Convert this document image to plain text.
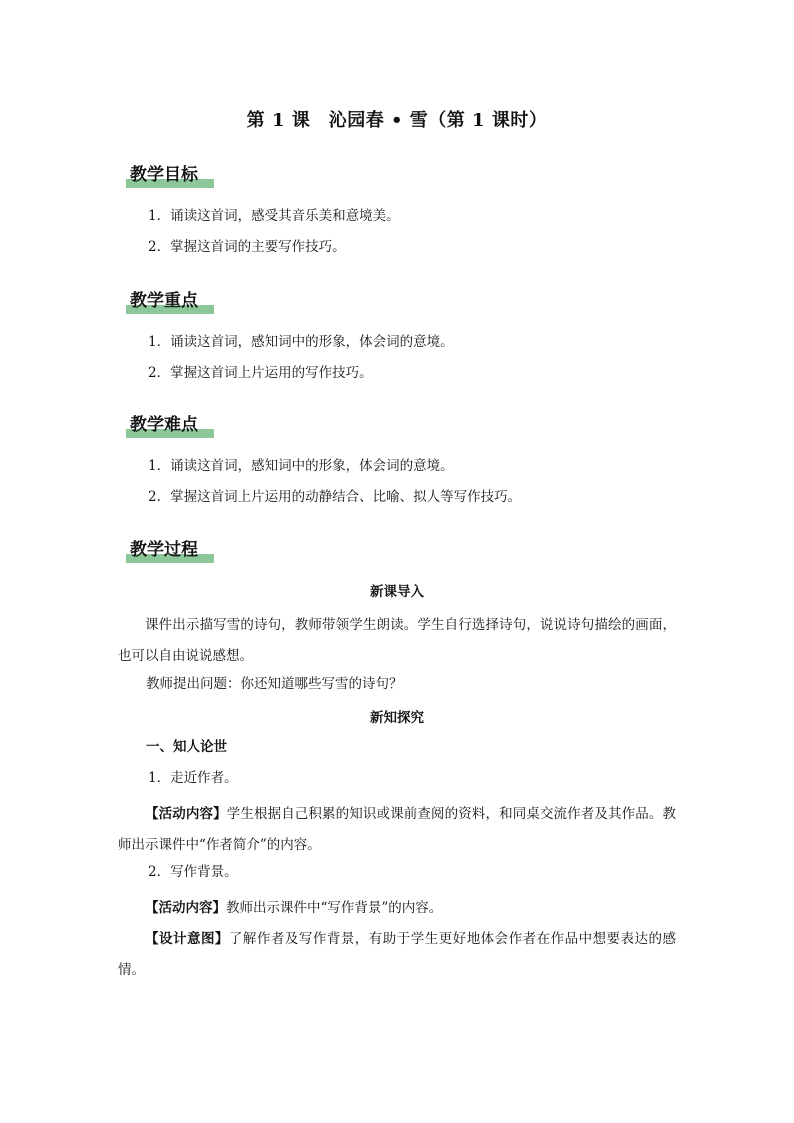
第 1 课　沁园春 • 雪（第 1 课时）
教学目标
1．诵读这首词，感受其音乐美和意境美。
2．掌握这首词的主要写作技巧。
教学重点
1．诵读这首词，感知词中的形象，体会词的意境。
2．掌握这首词上片运用的写作技巧。
教学难点
1．诵读这首词，感知词中的形象，体会词的意境。
2．掌握这首词上片运用的动静结合、比喻、拟人等写作技巧。
教学过程
新课导入
课件出示描写雪的诗句，教师带领学生朗读。学生自行选择诗句，说说诗句描绘的画面，也可以自由说说感想。
教师提出问题：你还知道哪些写雪的诗句？
新知探究
一、知人论世
1．走近作者。
【活动内容】学生根据自己积累的知识或课前查阅的资料，和同桌交流作者及其作品。教师出示课件中“作者简介”的内容。
2．写作背景。
【活动内容】教师出示课件中“写作背景”的内容。
【设计意图】了解作者及写作背景，有助于学生更好地体会作者在作品中想要表达的感情。
